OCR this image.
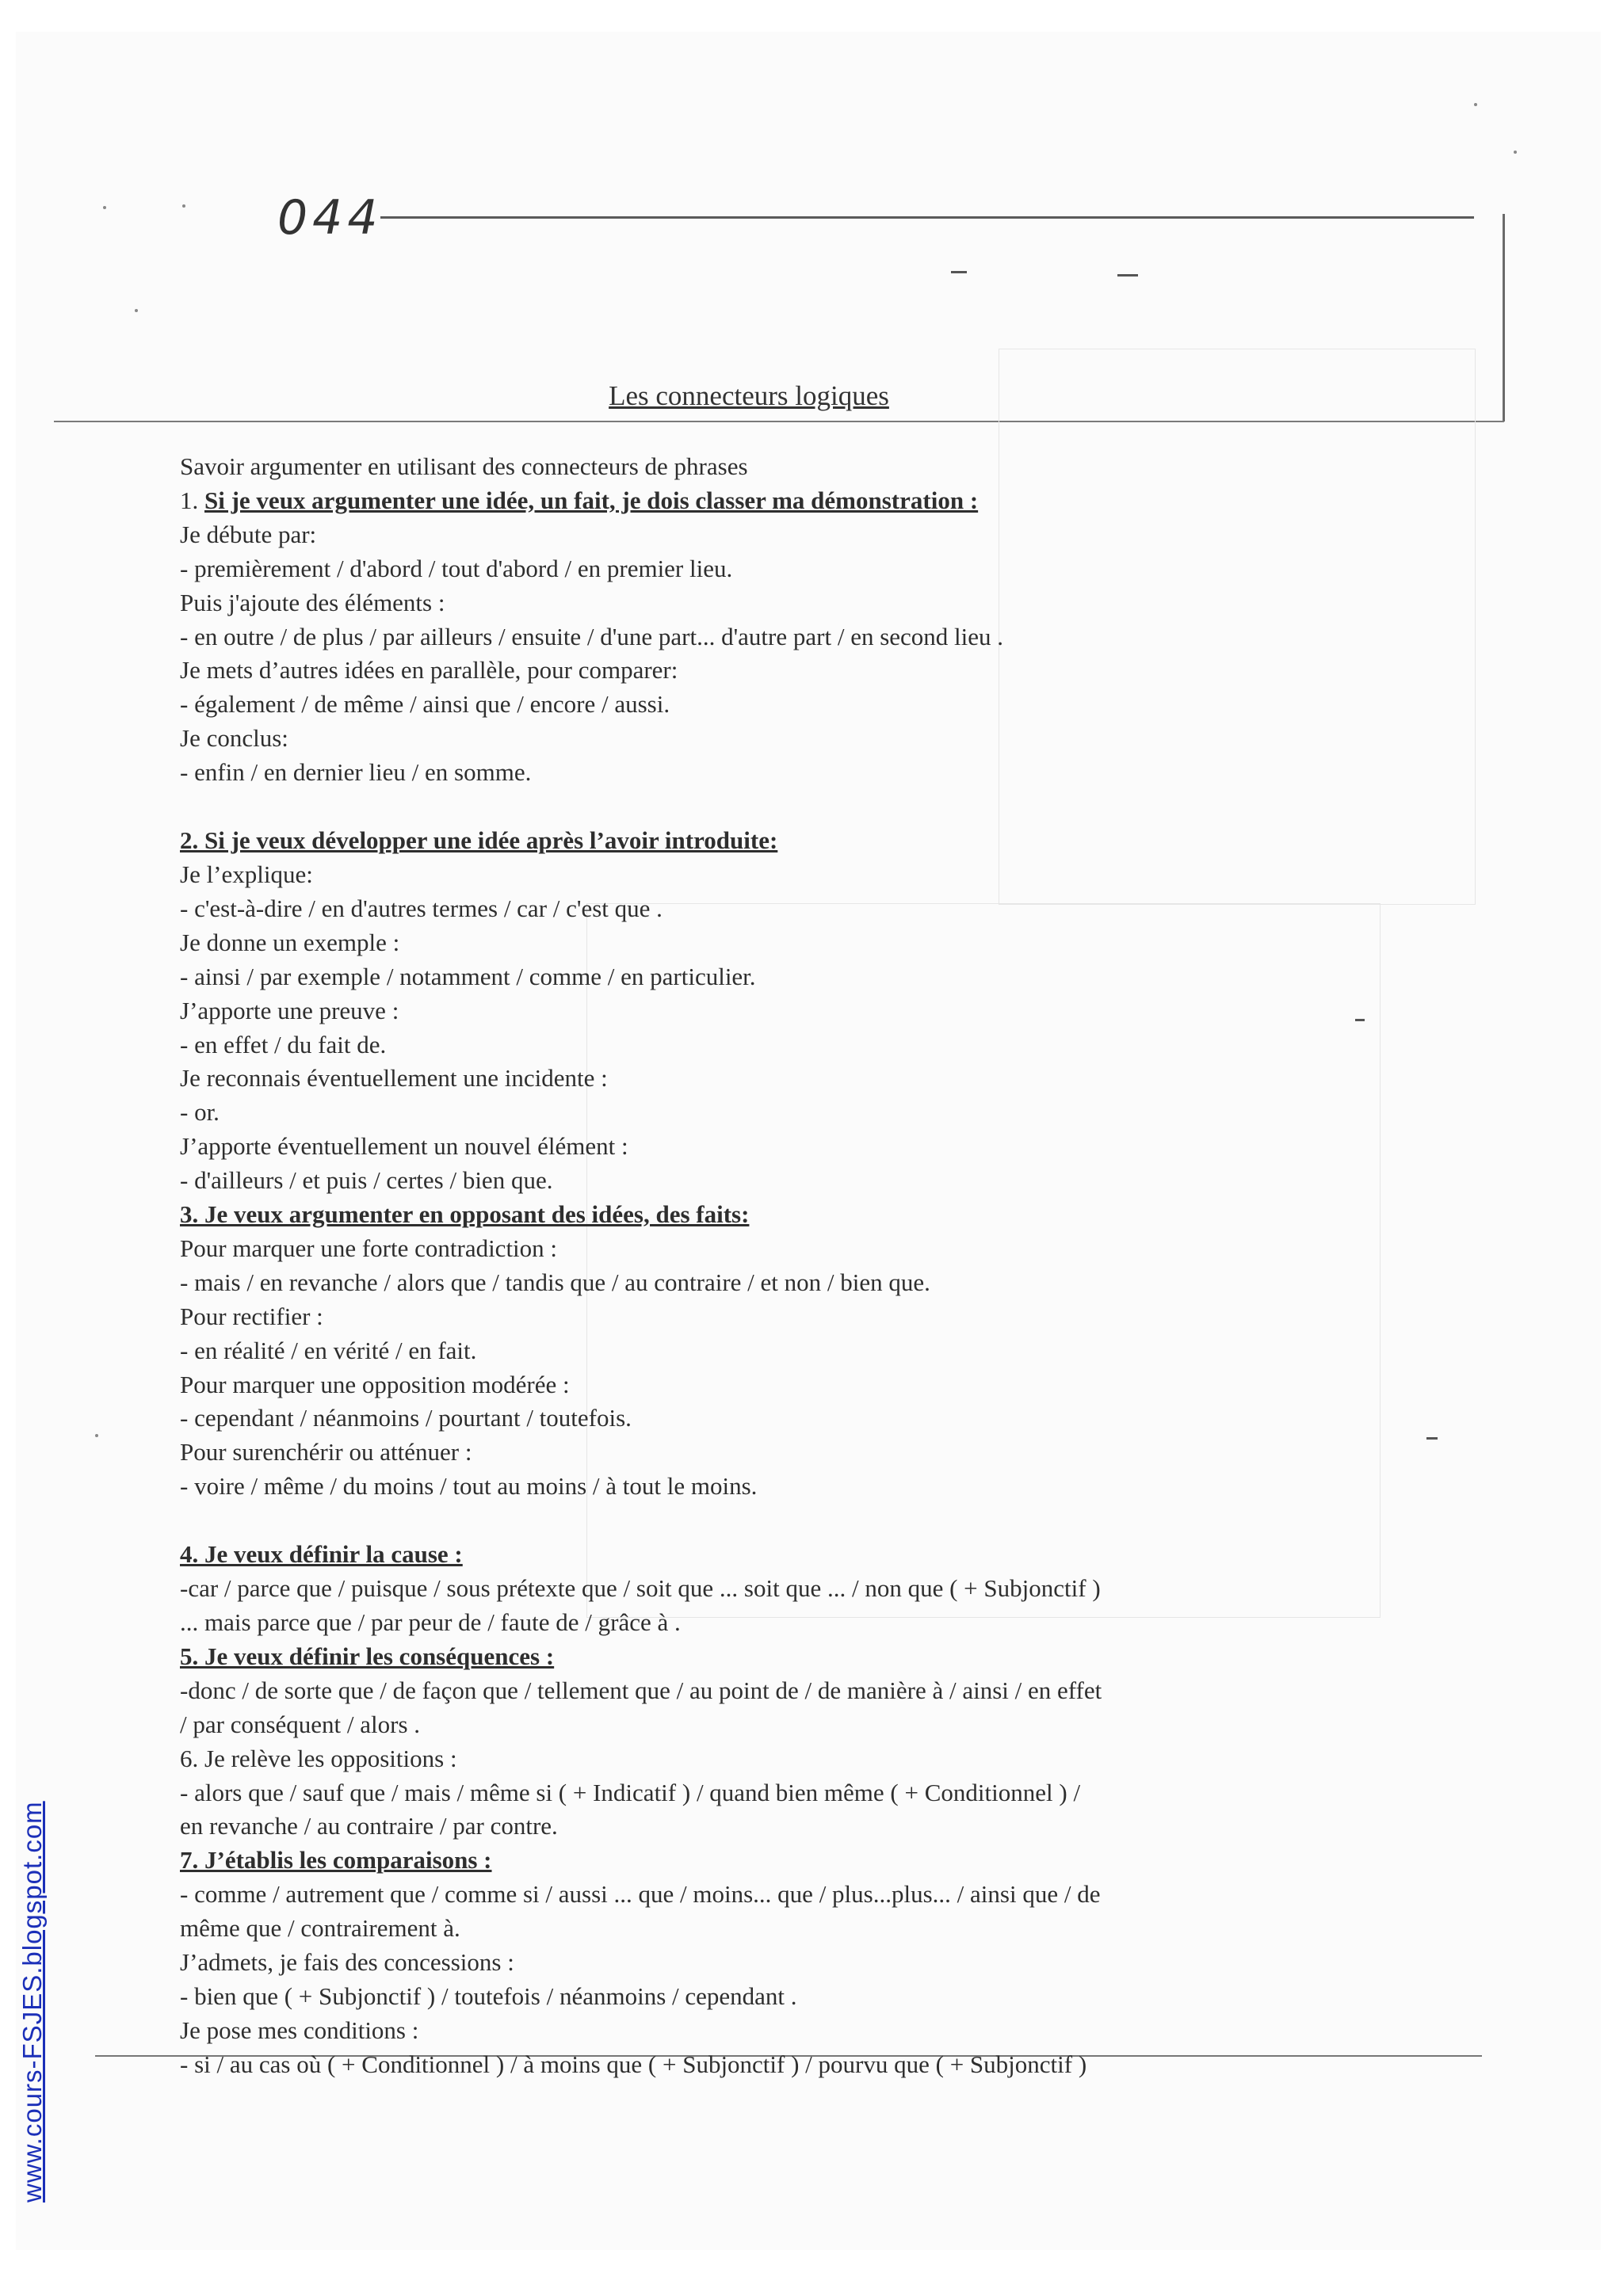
044
Les connecteurs logiques
Savoir argumenter en utilisant des connecteurs de phrases
1. Si je veux argumenter une idée, un fait, je dois classer ma démonstration :
Je débute par:
- premièrement / d'abord / tout d'abord / en premier lieu.
Puis j'ajoute des éléments :
- en outre / de plus / par ailleurs / ensuite / d'une part... d'autre part / en second lieu .
Je mets d’autres idées en parallèle, pour comparer:
- également / de même / ainsi que / encore / aussi.
Je conclus:
- enfin / en dernier lieu / en somme.
2. Si je veux développer une idée après l’avoir introduite:
Je l’explique:
- c'est-à-dire / en d'autres termes / car / c'est que .
Je donne un exemple :
- ainsi / par exemple / notamment / comme / en particulier.
J’apporte une preuve :
- en effet / du fait de.
Je reconnais éventuellement une incidente :
- or.
J’apporte éventuellement un nouvel élément :
- d'ailleurs / et puis / certes / bien que.
3. Je veux argumenter en opposant des idées, des faits:
Pour marquer une forte contradiction :
- mais / en revanche / alors que / tandis que / au contraire / et non / bien que.
Pour rectifier :
- en réalité / en vérité / en fait.
Pour marquer une opposition modérée :
- cependant / néanmoins / pourtant / toutefois.
Pour surenchérir ou atténuer :
- voire / même / du moins / tout au moins / à tout le moins.
4. Je veux définir la cause :
-car / parce que / puisque / sous prétexte que / soit que ... soit que ... / non que ( + Subjonctif )
... mais parce que / par peur de / faute de / grâce à .
5. Je veux définir les conséquences :
-donc / de sorte que / de façon que / tellement que / au point de / de manière à / ainsi / en effet
/ par conséquent / alors .
6. Je relève les oppositions :
- alors que / sauf que / mais / même si ( + Indicatif ) / quand bien même ( + Conditionnel ) /
en revanche / au contraire / par contre.
7. J’établis les comparaisons :
- comme / autrement que / comme si / aussi ... que / moins... que / plus...plus... / ainsi que / de
même que / contrairement à.
J’admets, je fais des concessions :
- bien que ( + Subjonctif ) / toutefois / néanmoins / cependant .
Je pose mes conditions :
- si / au cas où ( + Conditionnel ) / à moins que ( + Subjonctif ) / pourvu que ( + Subjonctif )
www.cours-FSJES.blogspot.com
